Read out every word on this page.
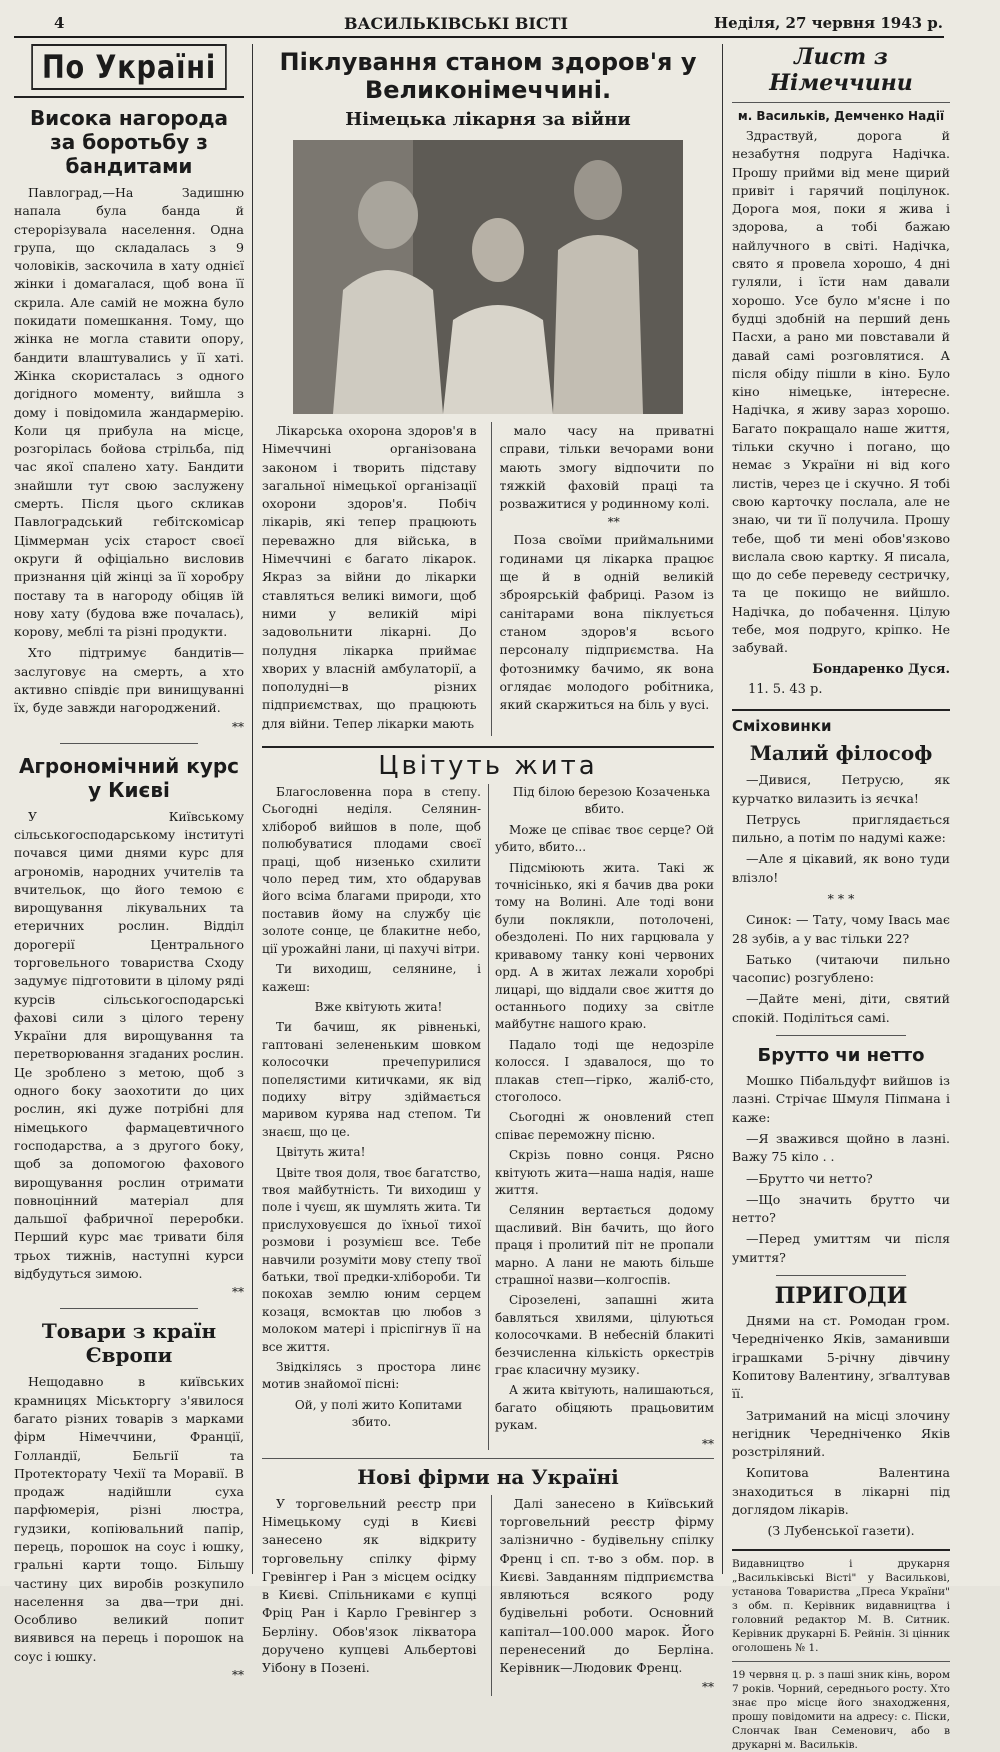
4	ВАСИЛЬКІВСЬКІ ВІСТІ	Неділя, 27 червня 1943 р.
По Україні
Висока нагорода за боротьбу з бандитами

Павлоград,—На Задишню напала була банда й стерорізувала населення. Одна група, що складалась з 9 чоловіків, заскочила в хату однієї жінки і домагалася, щоб вона її скрила. Але самій не можна було покидати помешкання. Тому, що жінка не могла ставити опору, бандити влаштувались у її хаті. Жінка скористалась з одного догідного моменту, вийшла з дому і повідомила жандармерію. Коли ця прибула на місце, розгорілась бойова стрільба, під час якої спалено хату. Бандити знайшли тут свою заслужену смерть. Після цього скликав Павлоградський гебітскомісар Ціммерман усіх старост своєї округи й офіціально висловив признання цій жінці за її хоробру поставу та в нагороду обіцяв їй нову хату (будова вже почалась), корову, меблі та різні продукти.

Хто підтримує бандитів—заслуговує на смерть, а хто активно співдіє при винищуванні їх, буде завжди нагороджений.

**

Агрономічний курс у Києві

У Київському сільськогосподарському інституті почався цими днями курс для агрономів, народних учителів та вчительок, що його темою є вирощування лікувальних та етеричних рослин. Відділ дорогерії Центрального торговельного товариства Сходу задумує підготовити в цілому ряді курсів сільськогосподарські фахові сили з цілого терену України для вирощування та перетворювання згаданих рослин. Це зроблено з метою, щоб з одного боку заохотити до цих рослин, які дуже потрібні для німецького фармацевтичного господарства, а з другого боку, щоб за допомогою фахового вирощування рослин отримати повноцінний матеріал для дальшої фабричної переробки. Перший курс має тривати біля трьох тижнів, наступні курси відбудуться зимою.

**

Товари з країн Європи

Нещодавно в київських крамницях Міськторгу з'явилося багато різних товарів з марками фірм Німеччини, Франції, Голландії, Бельгії та Протекторату Чехії та Моравії. В продаж надійшли суха парфюмерія, різні люстра, гудзики, копіювальний папір, перець, порошок на соус і юшку, гральні карти тощо. Більшу частину цих виробів розкупило населення за два—три дні. Особливо великий попит виявився на перець і порошок на соус і юшку.

**

Піклування станом здоров'я у Великонімеччині.
Німецька лікарня за війни

Лікарська охорона здоров'я в Німеччині організована законом і творить підставу загальної німецької організації охорони здоров'я. Побіч лікарів, які тепер працюють переважно для війська, в Німеччині є багато лікарок. Якраз за війни до лікарки ставляться великі вимоги, щоб ними у великій мірі задовольнити лікарні. До полудня лікарка приймає хворих у власній амбулаторії, а пополудні—в різних підприємствах, що працюють для війни. Тепер лікарки мають

мало часу на приватні справи, тільки вечорами вони мають змогу відпочити по тяжкій фаховій праці та розважитися у родинному колі.

**

Поза своїми приймальними годинами ця лікарка працює ще й в одній великій зброярській фабриці. Разом із санітарами вона піклується станом здоров'я всього персоналу підприємства. На фотознимку бачимо, як вона оглядає молодого робітника, який скаржиться на біль у вусі.

Цвітуть жита

Благословенна пора в степу. Сьогодні неділя. Селянин-хлібороб вийшов в поле, щоб полюбуватися плодами своєї праці, щоб низенько схилити чоло перед тим, хто обдарував його всіма благами природи, хто поставив йому на службу ціє золоте сонце, це блакитне небо, ції урожайні лани, ці пахучі вітри.

Ти виходиш, селянине, і кажеш:

Вже квітують жита!

Ти бачиш, як рівненькі, гаптовані зелененьким шовком колосочки пречепурилися попелястими китичками, як від подиху вітру здіймається маривом курява над степом. Ти знаєш, що це.

Цвітуть жита!

Цвіте твоя доля, твоє багатство, твоя майбутність. Ти виходиш у поле і чуєш, як шумлять жита. Ти прислуховуєшся до їхньої тихої розмови і розумієш все. Тебе навчили розуміти мову степу твої батьки, твої предки-хлібороби. Ти покохав землю юним серцем козаця, всмоктав цю любов з молоком матері і пріспігнув її на все життя.

Звідкілясь з простора линє мотив знайомої пісні:

Ой, у полі жито Копитами збито.

Під білою березою Козаченька вбито.

Може це співає твоє серце? Ой убито, вбито...

Підсміюють жита. Такі ж точнісінько, які я бачив два роки тому на Волині. Але тоді вони були поклякли, потолочені, обездолені. По них гарцювала у кривавому танку коні червоних орд. А в житах лежали хоробрі лицарі, що віддали своє життя до останнього подиху за світле майбутнє нашого краю.

Падало тоді ще недозріле колосся. І здавалося, що то плакав степ—гірко, жаліб-сто, стоголосо.

Сьогодні ж оновлений степ співає переможну пісню.

Скрізь повно сонця. Рясно квітують жита—наша надія, наше життя.

Селянин вертається додому щасливий. Він бачить, що його праця і пролитий піт не пропали марно. А лани не мають більше страшної назви—колгоспів.

Сірозелені, запашні жита бавляться хвилями, цілуються колосочками. В небесній блакиті безчисленна кількість оркестрів грає класичну музику.

А жита квітують, налишаються, багато обіцяють працьовитим рукам.

**

Нові фірми на Україні

У торговельний реєстр при Німецькому суді в Києві занесено як відкриту торговельну спілку фірму Гревінгер і Ран з місцем осідку в Києві. Спільниками є купці Фріц Ран і Карло Гревінгер з Берліну. Обов'язок лікватора доручено купцеві Альбертові Уібону в Позені.

Далі занесено в Київський торговельний реєстр фірму залізнично - будівельну спілку Френц і сп. т-во з обм. пор. в Києві. Завданням підприємства являються всякого роду будівельні роботи. Основний капітал—100.000 марок. Його перенесений до Берліна. Керівник—Людовик Френц.

**

Лист з Німеччини
м. Васильків, Демченко Надії

Здраствуй, дорога й незабутня подруга Надічка. Прошу прийми від мене щирий привіт і гарячий поцілунок. Дорога моя, поки я жива і здорова, а тобі бажаю найлучного в світі. Надічка, свято я провела хорошо, 4 дні гуляли, і їсти нам давали хорошо. Усе було м'ясне і по будці здобній на перший день Пасхи, а рано ми повставали й давай самі розговлятися. А після обіду пішли в кіно. Було кіно німецьке, інтересне. Надічка, я живу зараз хорошо. Багато покращало наше життя, тільки скучно і погано, що немає з України ні від кого листів, через це і скучно. Я тобі свою карточку послала, але не знаю, чи ти її получила. Прошу тебе, щоб ти мені обов'язково вислала свою картку. Я писала, що до себе переведу сестричку, та це покищо не вийшло. Надічка, до побачення. Цілую тебе, моя подруго, кріпко. Не забувай.

Бондаренко Дуся.
11. 5. 43 р.
Сміховинки
Малий філософ

—Дивися, Петрусю, як курчатко вилазить із яєчка!

Петрусь приглядається пильно, а потім по надумі каже:

—Але я цікавий, як воно туди влізло!

* * *

Синок: — Тату, чому Івась має 28 зубів, а у вас тільки 22?

Батько (читаючи пильно часопис) розгублено:

—Дайте мені, діти, святий спокій. Поділіться самі.

Брутто чи нетто

Мошко Пібальдуфт вийшов із лазні. Стрічає Шмуля Піпмана і каже:

—Я зважився щойно в лазні. Важу 75 кіло . .

—Брутто чи нетто?

—Що значить брутто чи нетто?

—Перед умиттям чи після умиття?

ПРИГОДИ

Днями на ст. Ромодан гром. Чередніченко Яків, заманивши іграшками 5-річну дівчину Копитову Валентину, зґвалтував її.

Затриманий на місці злочину негідник Чередніченко Яків розстріляний.

Копитова Валентина знаходиться в лікарні під доглядом лікарів.

(З Лубенської газети).

Видавництво і друкарня „Васильківські Вісті" у Василькові, установа Товариства „Преса України" з обм. п. Керівник видавництва і головний редактор М. В. Ситник. Керівник друкарні Б. Рейнін. Зі цінник оголошень № 1.

19 червня ц. р. з паші зник кінь, вором 7 років. Чорний, середнього росту. Хто знає про місце його знаходження, прошу повідомити на адресу: с. Піски, Слончак Іван Семенович, або в друкарні м. Васильків.
